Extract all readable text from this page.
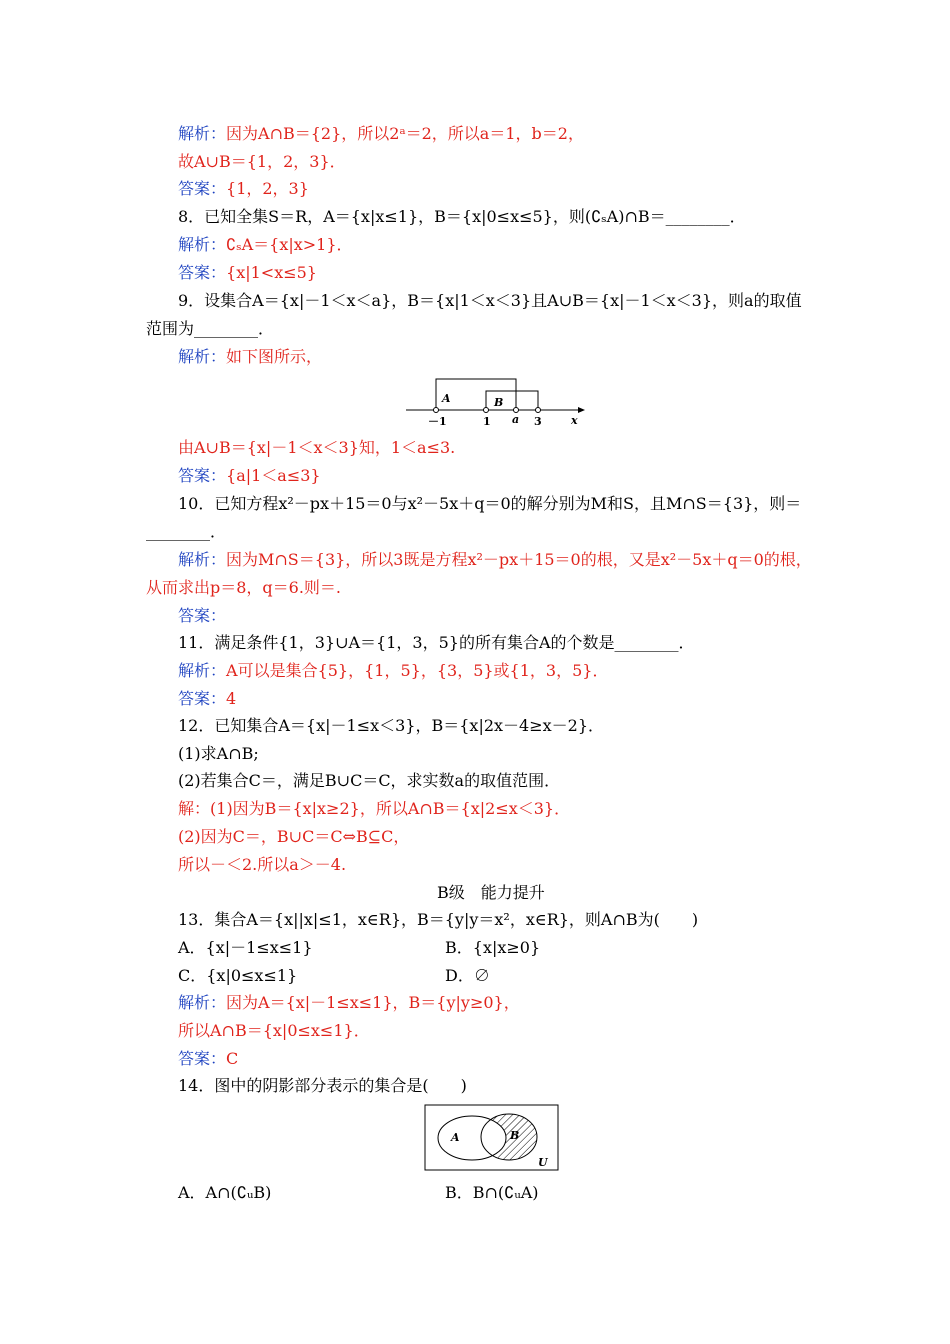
解析：因为A∩B＝{2}，所以2ᵃ＝2，所以a＝1，b＝2，
故A∪B＝{1，2，3}．
答案：{1，2，3}
8．已知全集S＝R，A＝{x|x≤1}，B＝{x|0≤x≤5}，则(∁ₛA)∩B＝________．
解析：∁ₛA＝{x|x>1}．
答案：{x|1<x≤5}
9．设集合A＝{x|－1＜x＜a}，B＝{x|1＜x＜3}且A∪B＝{x|－1＜x＜3}，则a的取值
范围为________．
解析：如下图所示，
A	B
－1	1 a 3	x
由A∪B＝{x|－1＜x＜3}知，1＜a≤3.
答案：{a|1＜a≤3}
10．已知方程x²－px＋15＝0与x²－5x＋q＝0的解分别为M和S，且M∩S＝{3}，则＝
________．
解析：因为M∩S＝{3}，所以3既是方程x²－px＋15＝0的根，又是x²－5x＋q＝0的根，
从而求出p＝8，q＝6.则＝.
答案：
11．满足条件{1，3}∪A＝{1，3，5}的所有集合A的个数是________．
解析：A可以是集合{5}，{1，5}，{3，5}或{1，3，5}．
答案：4
12．已知集合A＝{x|－1≤x＜3}，B＝{x|2x－4≥x－2}．
(1)求A∩B;
(2)若集合C＝，满足B∪C＝C，求实数a的取值范围．
解：(1)因为B＝{x|x≥2}，所以A∩B＝{x|2≤x＜3}．
(2)因为C＝，B∪C＝C⇔B⊆C，
所以－＜2.所以a＞－4.
B级　能力提升
13．集合A＝{x||x|≤1，x∈R}，B＝{y|y＝x²，x∈R}，则A∩B为(　　)
A．{x|－1≤x≤1}	B．{x|x≥0}
C．{x|0≤x≤1}	D．∅
解析：因为A＝{x|－1≤x≤1}，B＝{y|y≥0}，
所以A∩B＝{x|0≤x≤1}．
答案：C
14．图中的阴影部分表示的集合是(　　)
A	B
U
A．A∩(∁ᵤB)	B．B∩(∁ᵤA)
